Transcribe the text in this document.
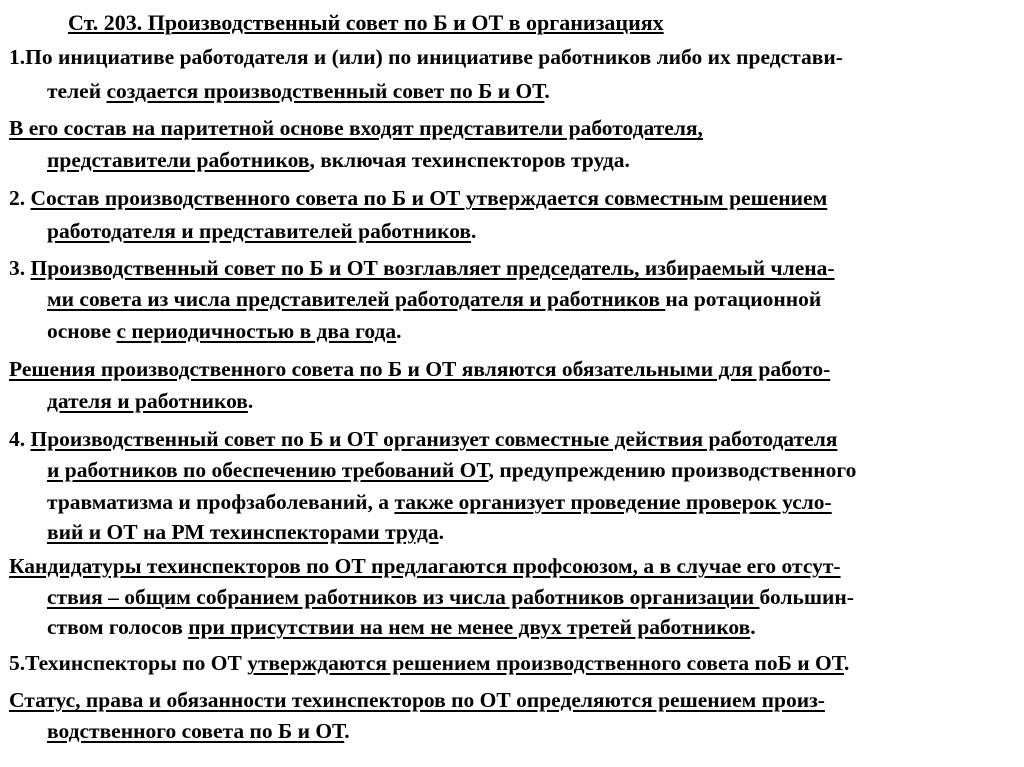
Ст. 203. Производственный совет по Б и ОТ в организациях
1.По инициативе работодателя и (или) по инициативе работников либо их представи-
телей создается производственный совет по Б и ОТ.
В его состав на паритетной основе входят представители работодателя,
представители работников, включая техинспекторов труда.
2. Состав производственного совета по Б и ОТ утверждается совместным решением
работодателя и представителей работников.
3. Производственный совет по Б и ОТ возглавляет председатель, избираемый члена-
ми совета из числа представителей работодателя и работников на ротационной
основе с периодичностью в два года.
Решения производственного совета по Б и ОТ являются обязательными для работо-
дателя и работников.
4. Производственный совет по Б и ОТ организует совместные действия работодателя
и работников по обеспечению требований ОТ, предупреждению производственного
травматизма и профзаболеваний, а также организует проведение проверок усло-
вий и ОТ на РМ техинспекторами труда.
Кандидатуры техинспекторов по ОТ предлагаются профсоюзом, а в случае его отсут-
ствия – общим собранием работников из числа работников организации большин-
ством голосов при присутствии на нем не менее двух третей работников.
5.Техинспекторы по ОТ утверждаются решением производственного совета поБ и ОТ.
Статус, права и обязанности техинспекторов по ОТ определяются решением произ-
водственного совета по Б и ОТ.
